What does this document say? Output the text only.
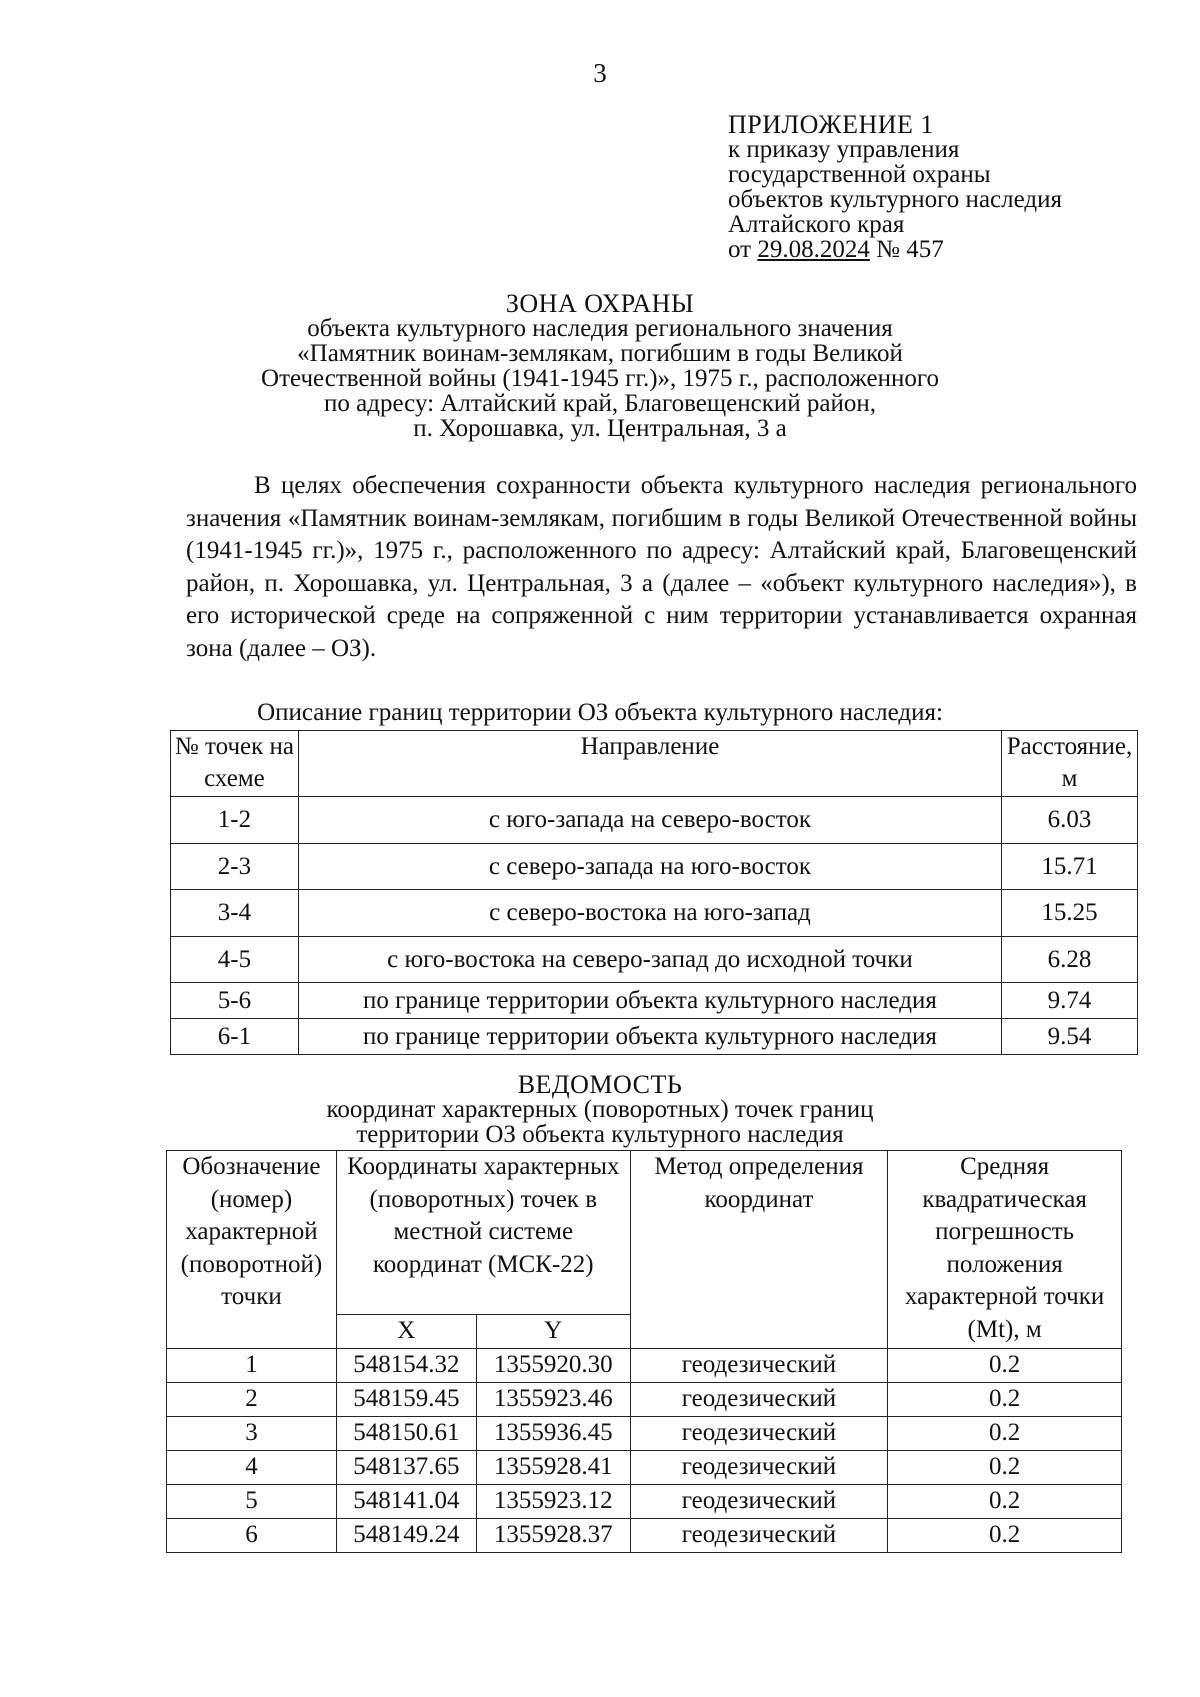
3
ПРИЛОЖЕНИЕ 1
к приказу управления
государственной охраны
объектов культурного наследия
Алтайского края
от 29.08.2024 № 457
ЗОНА ОХРАНЫ
объекта культурного наследия регионального значения
«Памятник воинам-землякам, погибшим в годы Великой
Отечественной войны (1941-1945 гг.)», 1975 г., расположенного
по адресу: Алтайский край, Благовещенский район,
п. Хорошавка, ул. Центральная, 3 а

В целях обеспечения сохранности объекта культурного наследия регионального значения «Памятник воинам-землякам, погибшим в годы Великой Отечественной войны (1941-1945 гг.)», 1975 г., расположенного по адресу: Алтайский край, Благовещенский район, п. Хорошавка, ул. Центральная, 3 а (далее – «объект культурного наследия»), в его исторической среде на сопряженной с ним территории устанавливается охранная зона (далее – ОЗ).

Описание границ территории ОЗ объекта культурного наследия:
№ точек на схеме	Направление	Расстояние, м
1-2	с юго-запада на северо-восток	6.03
2-3	с северо-запада на юго-восток	15.71
3-4	с северо-востока на юго-запад	15.25
4-5	с юго-востока на северо-запад до исходной точки	6.28
5-6	по границе территории объекта культурного наследия	9.74
6-1	по границе территории объекта культурного наследия	9.54
ВЕДОМОСТЬ
координат характерных (поворотных) точек границ
территории ОЗ объекта культурного наследия
Обозначение (номер) характерной (поворотной) точки	Координаты характерных (поворотных) точек в местной системе координат (МСК-22)		Метод определения координат	Средняя квадратическая погрешность положения характерной точки (Mt), м
	X	Y		
1	548154.32	1355920.30	геодезический	0.2
2	548159.45	1355923.46	геодезический	0.2
3	548150.61	1355936.45	геодезический	0.2
4	548137.65	1355928.41	геодезический	0.2
5	548141.04	1355923.12	геодезический	0.2
6	548149.24	1355928.37	геодезический	0.2
